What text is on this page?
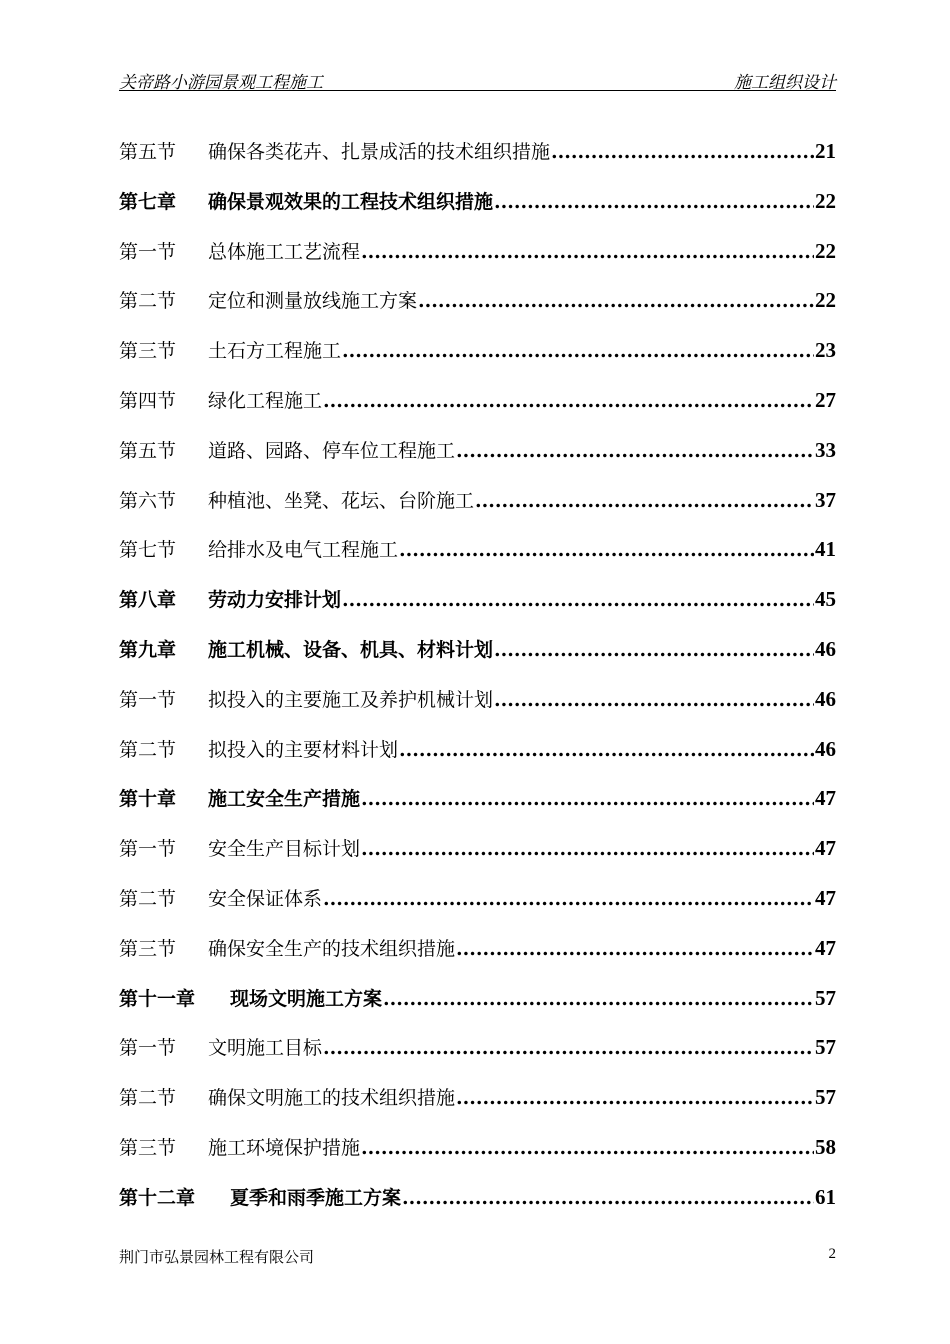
关帝路小游园景观工程施工	施工组织设计
第五节	确保各类花卉、扎景成活的技术组织措施 .....	21
第七章	确保景观效果的工程技术组织措施 .....	22
第一节	总体施工工艺流程 .....	22
第二节	定位和测量放线施工方案 .....	22
第三节	土石方工程施工 .....	23
第四节	绿化工程施工 .....	27
第五节	道路、园路、停车位工程施工 .....	33
第六节	种植池、坐凳、花坛、台阶施工 .....	37
第七节	给排水及电气工程施工 .....	41
第八章	劳动力安排计划 .....	45
第九章	施工机械、设备、机具、材料计划 .....	46
第一节	拟投入的主要施工及养护机械计划 .....	46
第二节	拟投入的主要材料计划 .....	46
第十章	施工安全生产措施 .....	47
第一节	安全生产目标计划 .....	47
第二节	安全保证体系 .....	47
第三节	确保安全生产的技术组织措施 .....	47
第十一章	现场文明施工方案 .....	57
第一节	文明施工目标 .....	57
第二节	确保文明施工的技术组织措施 .....	57
第三节	施工环境保护措施 .....	58
第十二章	夏季和雨季施工方案 .....	61
荆门市弘景园林工程有限公司	2
